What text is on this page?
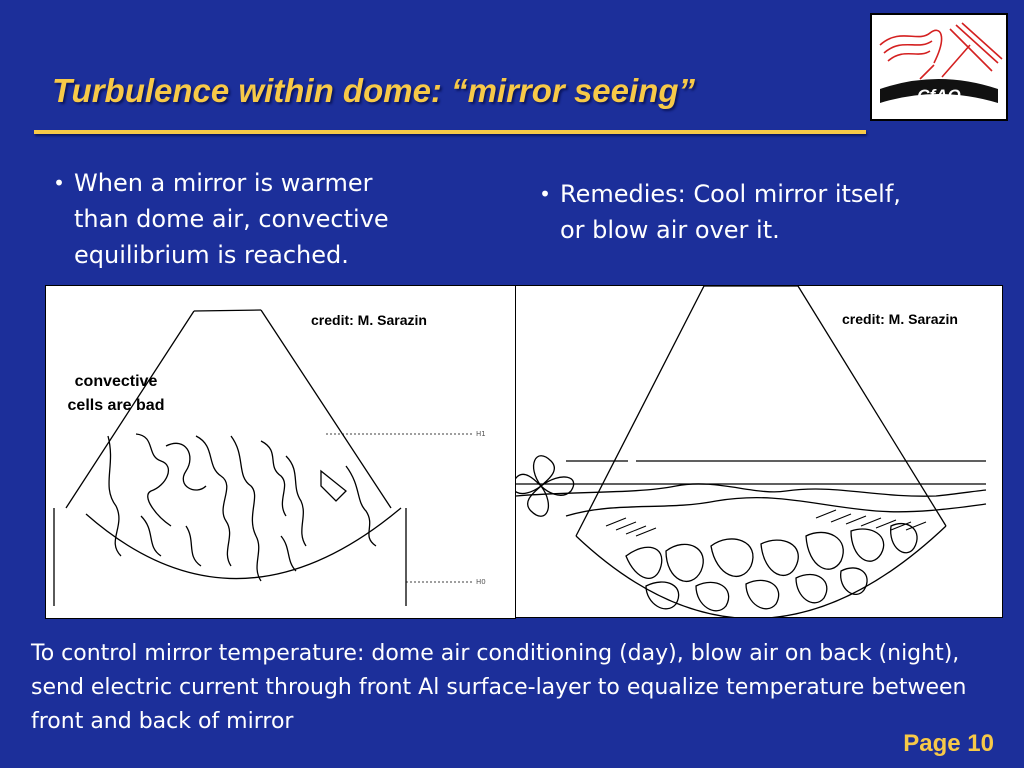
Turbulence within dome: “mirror seeing”	CfAO
• When a mirror is warmer
than dome air, convective
equilibrium is reached.
• Remedies: Cool mirror itself,
or blow air over it.
credit: M. Sarazin
convective
cells are bad
H1
H0
credit: M. Sarazin
To control mirror temperature: dome air conditioning (day), blow air on back (night), send electric current through front Al surface-layer to equalize temperature between front and back of mirror
Page 10
